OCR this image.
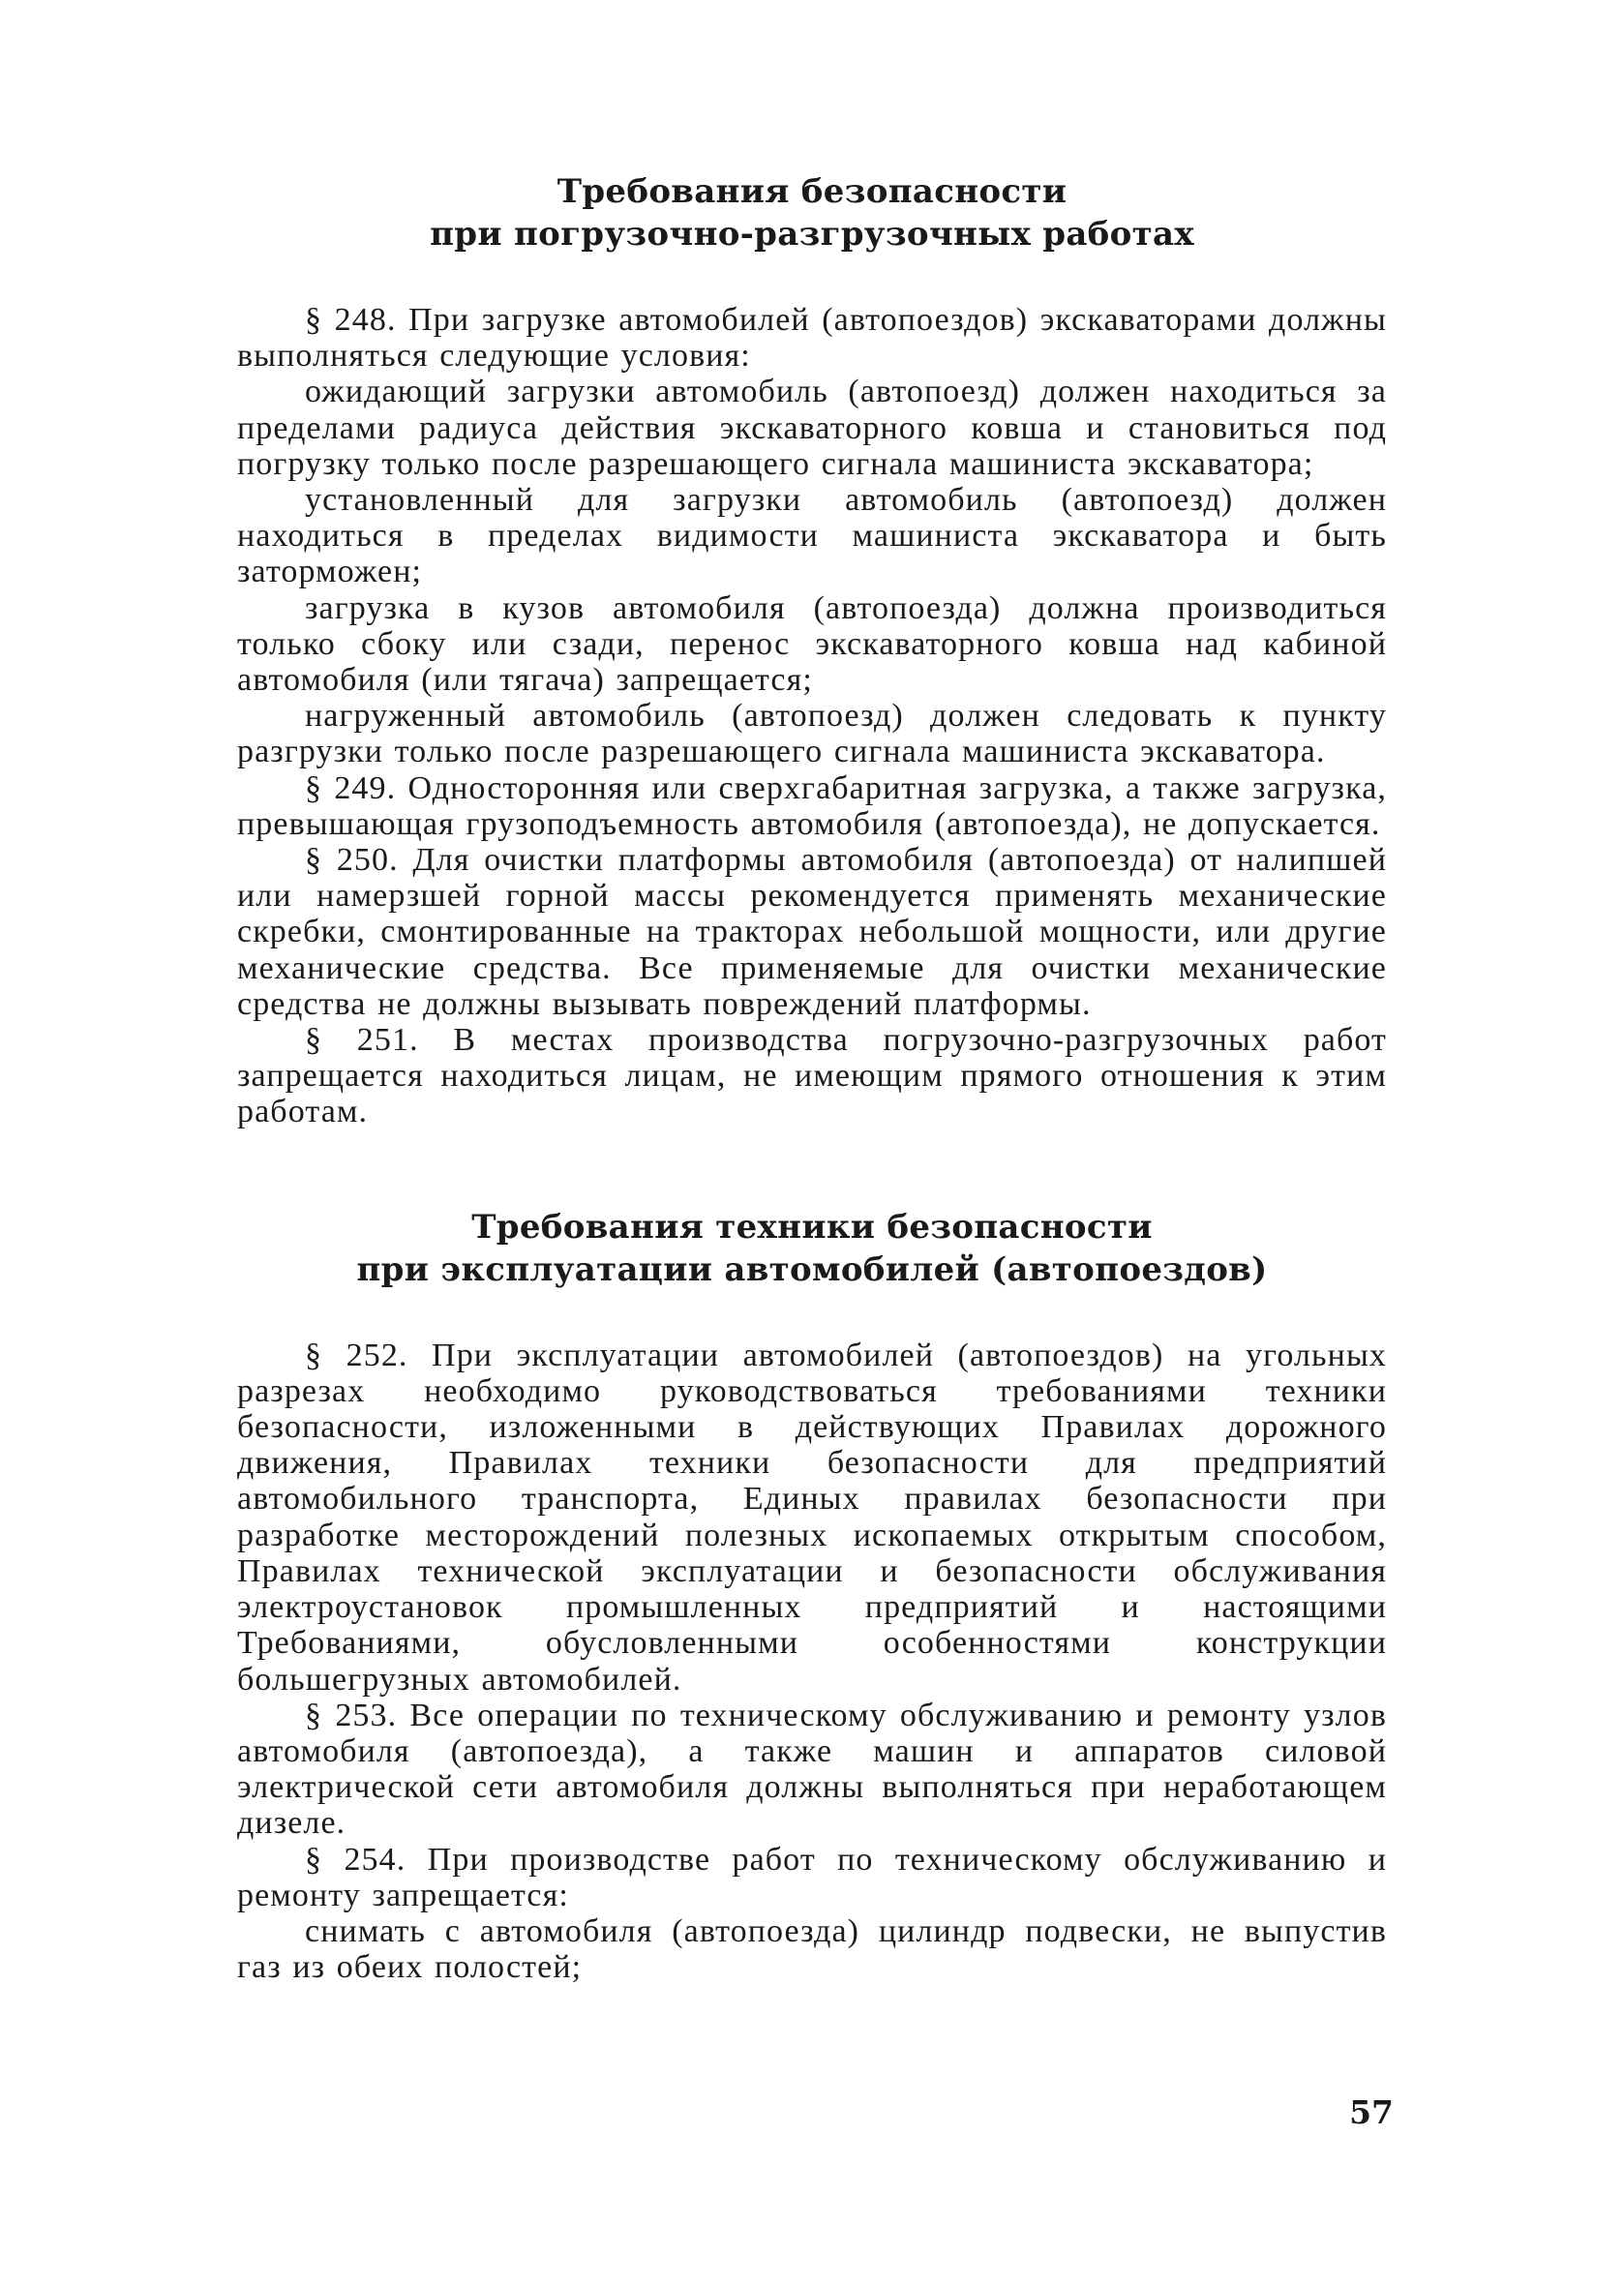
Требования безопасности
при погрузочно-разгрузочных работах

§ 248. При загрузке автомобилей (автопоездов) экскаваторами должны выполняться следующие условия:

ожидающий загрузки автомобиль (автопоезд) должен находиться за пределами радиуса действия экскаваторного ковша и становиться под погрузку только после разрешающего сигнала машиниста экскаватора;

установленный для загрузки автомобиль (автопоезд) должен находиться в пределах видимости машиниста экскаватора и быть заторможен;

загрузка в кузов автомобиля (автопоезда) должна производиться только сбоку или сзади, перенос экскаваторного ковша над кабиной автомобиля (или тягача) запрещается;

нагруженный автомобиль (автопоезд) должен следовать к пункту разгрузки только после разрешающего сигнала машиниста экскаватора.

§ 249. Односторонняя или сверхгабаритная загрузка, а также загрузка, превышающая грузоподъемность автомобиля (автопоезда), не допускается.

§ 250. Для очистки платформы автомобиля (автопоезда) от налипшей или намерзшей горной массы рекомендуется применять механические скребки, смонтированные на тракторах небольшой мощности, или другие механические средства. Все применяемые для очистки механические средства не должны вызывать повреждений платформы.

§ 251. В местах производства погрузочно-разгрузочных работ запрещается находиться лицам, не имеющим прямого отношения к этим работам.

Требования техники безопасности
при эксплуатации автомобилей (автопоездов)

§ 252. При эксплуатации автомобилей (автопоездов) на угольных разрезах необходимо руководствоваться требованиями техники безопасности, изложенными в действующих Правилах дорожного движения, Правилах техники безопасности для предприятий автомобильного транспорта, Единых правилах безопасности при разработке месторождений полезных ископаемых открытым способом, Правилах технической эксплуатации и безопасности обслуживания электроустановок промышленных предприятий и настоящими Требованиями, обусловленными особенностями конструкции большегрузных автомобилей.

§ 253. Все операции по техническому обслуживанию и ремонту узлов автомобиля (автопоезда), а также машин и аппаратов силовой электрической сети автомобиля должны выполняться при неработающем дизеле.

§ 254. При производстве работ по техническому обслуживанию и ремонту запрещается:

снимать с автомобиля (автопоезда) цилиндр подвески, не выпустив газ из обеих полостей;

57
